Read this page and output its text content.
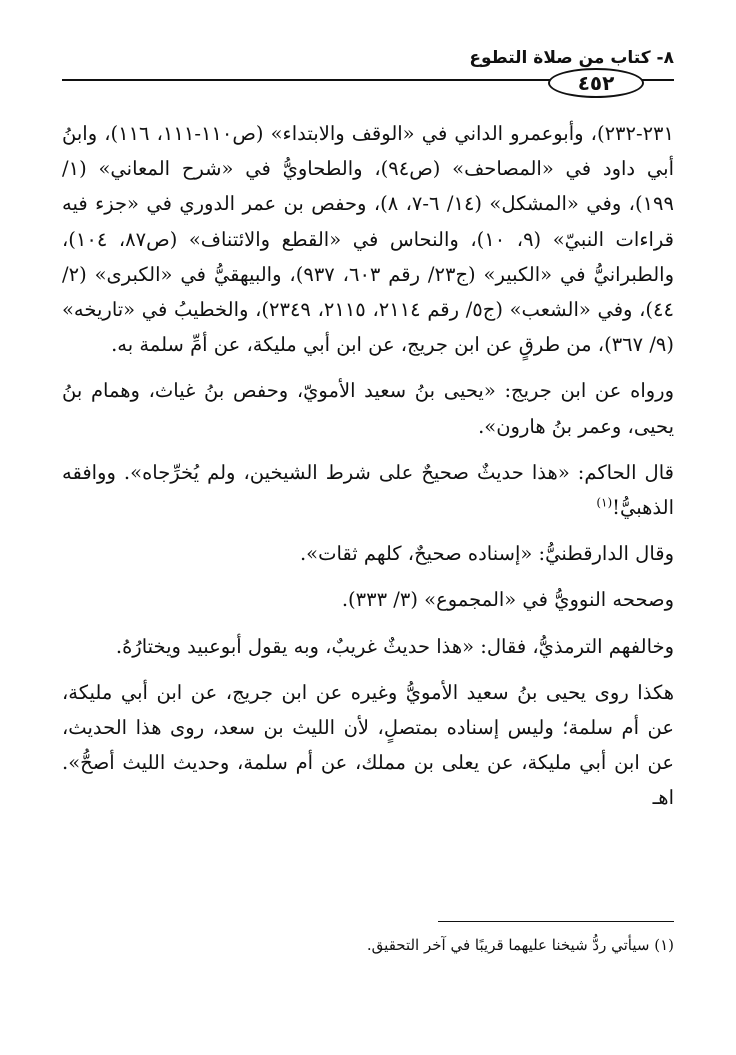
٨- كتاب من صلاة التطوع
٤٥٢

٢٣١-٢٣٢)، وأبوعمرو الداني في «الوقف والابتداء» (ص١١٠-١١١، ١١٦)، وابنُ أبي داود في «المصاحف» (ص٩٤)، والطحاويُّ في «شرح المعاني» (١/ ١٩٩)، وفي «المشكل» (١٤/ ٦-٧، ٨)، وحفص بن عمر الدوري في «جزء فيه قراءات النبيّ» (٩، ١٠)، والنحاس في «القطع والائتناف» (ص٨٧، ١٠٤)، والطبرانيُّ في «الكبير» (ج٢٣/ رقم ٦٠٣، ٩٣٧)، والبيهقيُّ في «الكبرى» (٢/ ٤٤)، وفي «الشعب» (ج٥/ رقم ٢١١٤، ٢١١٥، ٢٣٤٩)، والخطيبُ في «تاريخه» (٩/ ٣٦٧)، من طرقٍ عن ابن جريج، عن ابن أبي مليكة، عن أمِّ سلمة به.

ورواه عن ابن جريج: «يحيى بنُ سعيد الأمويّ، وحفص بنُ غياث، وهمام بنُ يحيى، وعمر بنُ هارون».

قال الحاكم: «هذا حديثٌ صحيحٌ على شرط الشيخين، ولم يُخرِّجاه». ووافقه الذهبيُّ!$^{(١)}$

وقال الدارقطنيُّ: «إسناده صحيحٌ، كلهم ثقات».

وصححه النوويُّ في «المجموع» (٣/ ٣٣٣).

وخالفهم الترمذيُّ، فقال: «هذا حديثٌ غريبٌ، وبه يقول أبوعبيد ويختارُهُ.

هكذا روى يحيى بنُ سعيد الأمويُّ وغيره عن ابن جريج، عن ابن أبي مليكة، عن أم سلمة؛ وليس إسناده بمتصلٍ، لأن الليث بن سعد، روى هذا الحديث، عن ابن أبي مليكة، عن يعلى بن مملك، عن أم سلمة، وحديث الليث أصحُّ». اهـ

(١) سيأتي ردُّ شيخنا عليهما قريبًا في آخر التحقيق.
